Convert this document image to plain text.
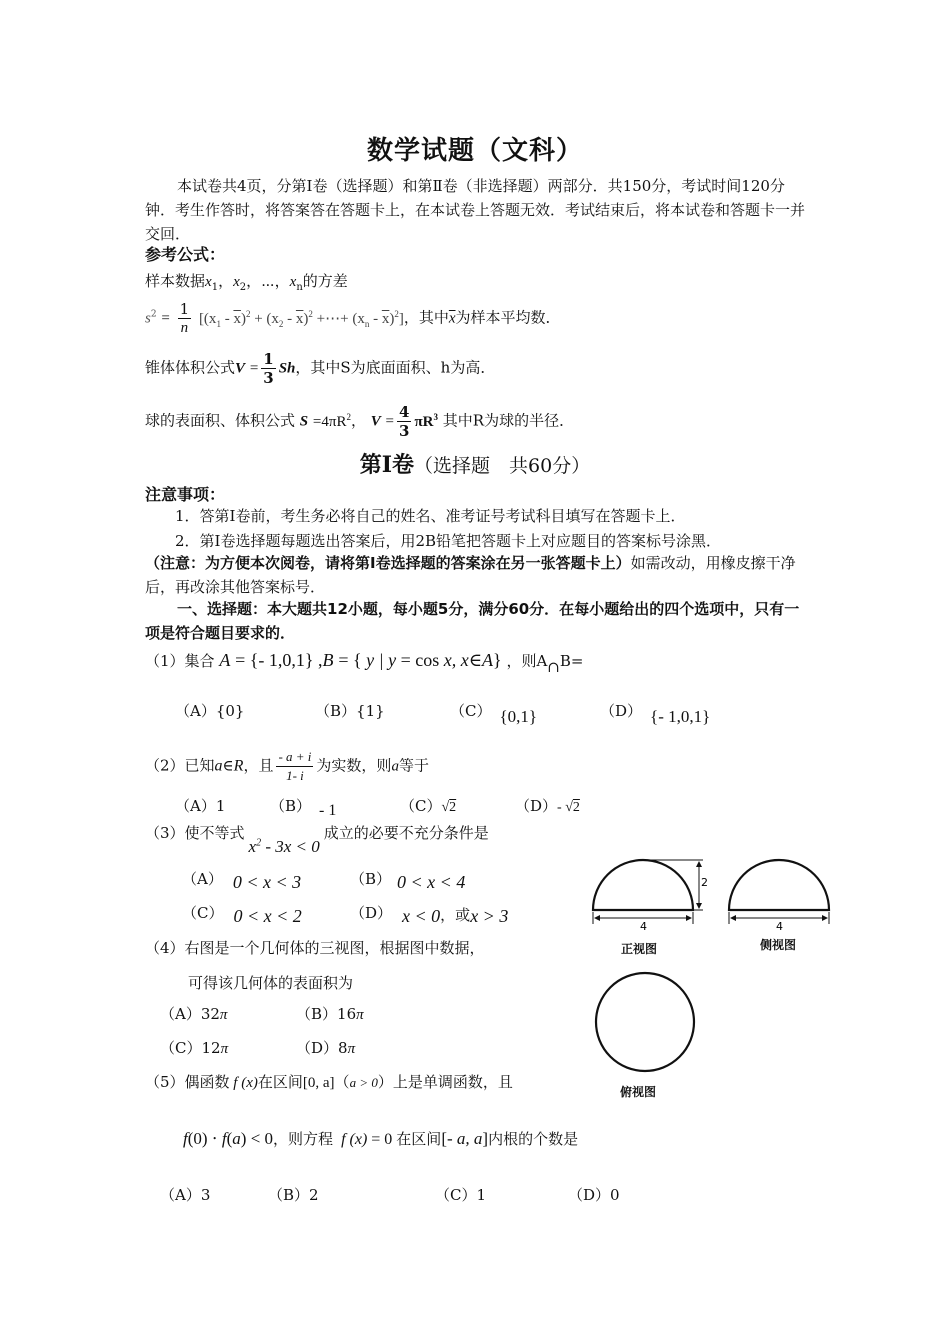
数学试题（文科）
本试卷共4页，分第Ⅰ卷（选择题）和第Ⅱ卷（非选择题）两部分．共150分，考试时间120分钟．考生作答时，将答案答在答题卡上，在本试卷上答题无效．考试结束后，将本试卷和答题卡一并交回．
参考公式：
样本数据$x_1$，$x_2$，⋯，$x_n$的方差
$s^2 = \frac{1}{n} [(x_1 - \overline{x})^2 + (x_2 - \overline{x})^2$ +⋯+ $(x_n - \overline{x})^2$]，其中$\overline{x}$为样本平均数．
锥体体积公式$V = \frac{1}{3}$ Sh，其中S为底面面积、h为高．
球的表面积、体积公式 $S =4\pi R^2$， $V = \frac{4}{3} \pi R^3$ 其中R为球的半径．
第Ⅰ卷（选择题　共60分）
注意事项：
1．答第Ⅰ卷前，考生务必将自己的姓名、准考证号考试科目填写在答题卡上．
2．第Ⅰ卷选择题每题选出答案后，用2B铅笔把答题卡上对应题目的答案标号涂黑．
（注意：为方便本次阅卷，请将第Ⅰ卷选择题的答案涂在另一张答题卡上）如需改动，用橡皮擦干净后，再改涂其他答案标号．
一、选择题：本大题共12小题，每小题5分，满分60分．在每小题给出的四个选项中，只有一项是符合题目要求的．
（1）集合 A = {- 1,0,1} ,B = { y | y = cos x, x∈A} ，则A∩B=
（A）{0}	（B）{1}	（C） {0,1}	（D） {- 1,0,1}
（2）已知a∈R，且 $\frac{- a + i}{1- i}$ 为实数，则a等于
（A）1	（B） - 1	（C）√2	（D）- √2
（3）使不等式$x^2 - 3x < 0$成立的必要不充分条件是
（A） 0 < x < 3	（B） 0 < x < 4
（C） 0 < x < 2	（D） x < 0，或x > 3
（4）右图是一个几何体的三视图，根据图中数据，
可得该几何体的表面积为
（A）32π	（B）16π
（C）12π	（D）8π
（5）偶函数 f (x)在区间[0, a]（a > 0）上是单调函数，且
f(0) ⋅ f(a) < 0，则方程 f (x) = 0 在区间[- a, a]内根的个数是
（A）3	（B）2	（C）1	（D）0
4
2
4
正视图	侧视图
俯视图
